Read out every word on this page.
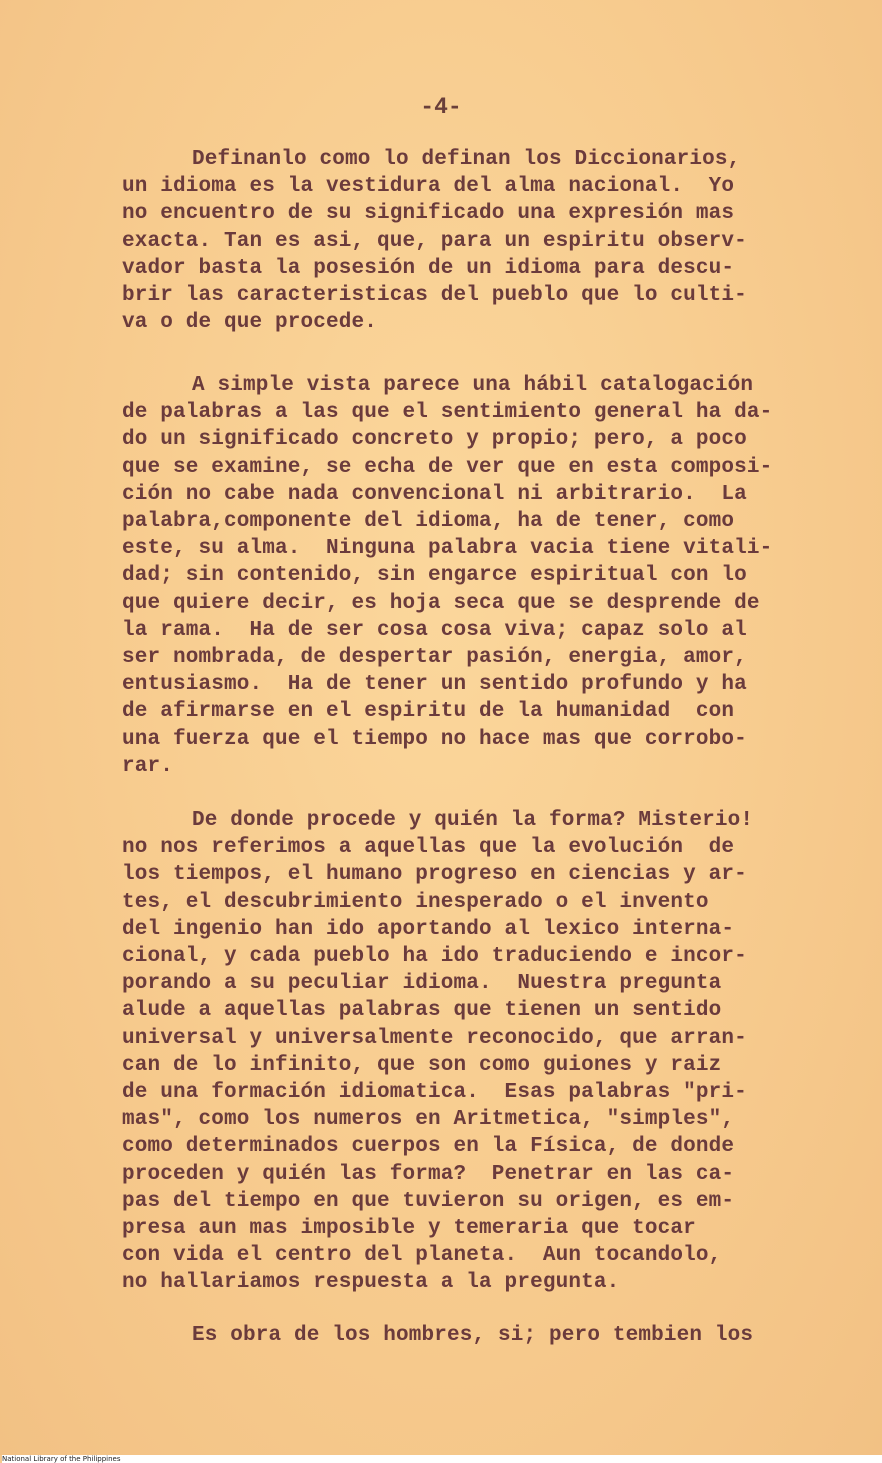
-4-
Definanlo como lo definan los Diccionarios,
un idioma es la vestidura del alma nacional.  Yo
no encuentro de su significado una expresión mas
exacta. Tan es asi, que, para un espiritu observ-
vador basta la posesión de un idioma para descu-
brir las caracteristicas del pueblo que lo culti-
va o de que procede.
A simple vista parece una hábil catalogación
de palabras a las que el sentimiento general ha da-
do un significado concreto y propio; pero, a poco
que se examine, se echa de ver que en esta composi-
ción no cabe nada convencional ni arbitrario.  La
palabra,componente del idioma, ha de tener, como
este, su alma.  Ninguna palabra vacia tiene vitali-
dad; sin contenido, sin engarce espiritual con lo
que quiere decir, es hoja seca que se desprende de
la rama.  Ha de ser cosa cosa viva; capaz solo al
ser nombrada, de despertar pasión, energia, amor,
entusiasmo.  Ha de tener un sentido profundo y ha
de afirmarse en el espiritu de la humanidad  con
una fuerza que el tiempo no hace mas que corrobo-
rar.
De donde procede y quién la forma? Misterio!
no nos referimos a aquellas que la evolución  de
los tiempos, el humano progreso en ciencias y ar-
tes, el descubrimiento inesperado o el invento
del ingenio han ido aportando al lexico interna-
cional, y cada pueblo ha ido traduciendo e incor-
porando a su peculiar idioma.  Nuestra pregunta
alude a aquellas palabras que tienen un sentido
universal y universalmente reconocido, que arran-
can de lo infinito, que son como guiones y raiz
de una formación idiomatica.  Esas palabras "pri-
mas", como los numeros en Aritmetica, "simples",
como determinados cuerpos en la Física, de donde
proceden y quién las forma?  Penetrar en las ca-
pas del tiempo en que tuvieron su origen, es em-
presa aun mas imposible y temeraria que tocar
con vida el centro del planeta.  Aun tocandolo,
no hallariamos respuesta a la pregunta.
Es obra de los hombres, si; pero tembien los
National Library of the Philippines
